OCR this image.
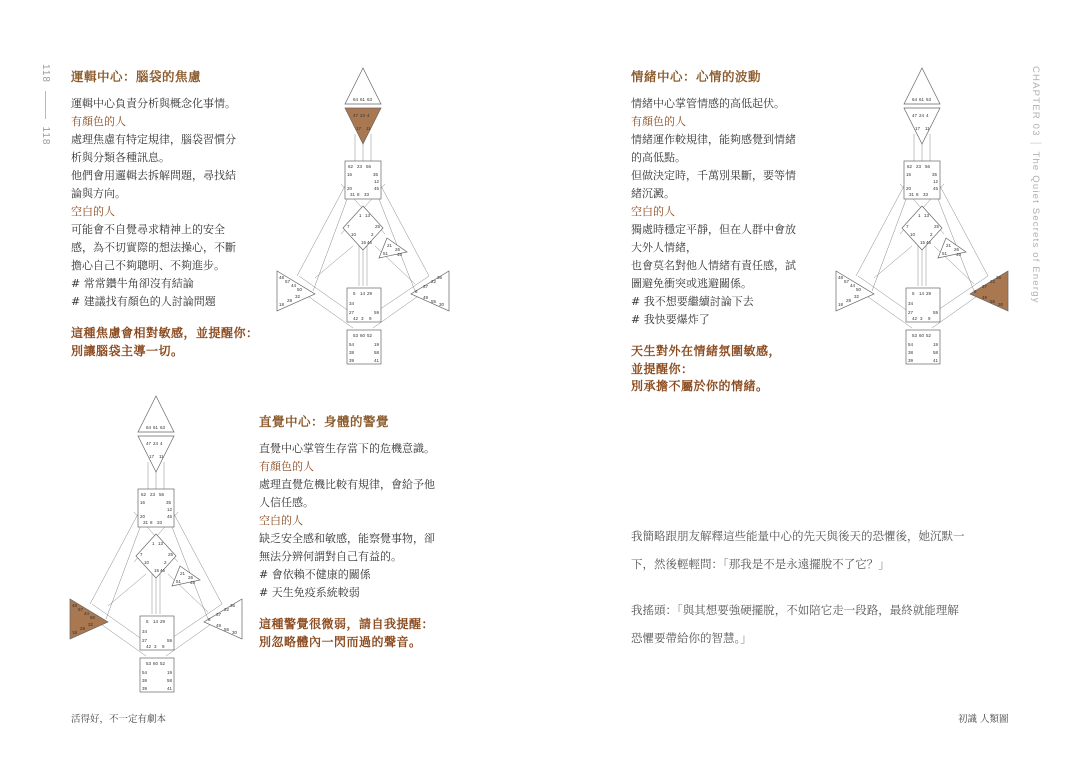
118  118	CHAPTER 03 │ The Quiet Secrets of Energy
運輯中心：腦袋的焦慮

運輯中心負責分析與概念化事情。

有顏色的人

處理焦慮有特定規律，腦袋習慣分

析與分類各種訊息。

他們會用邏輯去拆解問題，尋找結

論與方向。

空白的人

可能會不自覺尋求精神上的安全

感，為不切實際的想法操心，不斷

擔心自己不夠聰明、不夠進步。

# 常常鑽牛角卻沒有結論

# 建議找有顏色的人討論問題

這種焦慮會相對敏感，並提醒你：
別讓腦袋主導一切。
情緒中心：心情的波動

情緒中心掌管情感的高低起伏。

有顏色的人

情緒運作較規律，能夠感覺到情緒

的高低點。

但做決定時，千萬別果斷，要等情

緒沉澱。

空白的人

獨處時穩定平靜，但在人群中會放

大外人情緒，

也會莫名對他人情緒有責任感，試

圖避免衝突或逃避關係。

# 我不想要繼續討論下去

# 我快要爆炸了

天生對外在情緒氛圍敏感，
並提醒你：
別承擔不屬於你的情緒。
直覺中心：身體的警覺

直覺中心掌管生存當下的危機意識。

有顏色的人

處理直覺危機比較有規律，會給予他

人信任感。

空白的人

缺乏安全感和敏感，能察覺事物，卻

無法分辨何謂對自己有益的。

# 會依賴不健康的關係

# 天生免疫系統較弱

這種警覺很微弱，請自我提醒：
別忽略體內一閃而過的聲音。

我簡略跟朋友解釋這些能量中心的先天與後天的恐懼後，她沉默一

下，然後輕輕問：「那我是不是永遠擺脫不了它？」

我搖頭：「與其想要強硬擺脫，不如陪它走一段路，最終就能理解

恐懼要帶給你的智慧。」

64 61 63
47 24 4
17 11
62 23 56
16
20
35
12
45
31 8 33
1 13
7	25
10	2
15 46
21
26
51 40
48
57
44
50
32
28
18
36
22
37
6
49
55
30
5 14 29
34
27	59
42 3 9
53 60 52
54	19
38	58
39	41
64 61 63
47 24 4
17 11
62 23 56
16
20
35
12
45
31 8 33
1 13
7	25
10	2
15 46
21
26
51 40
48
57
44
50
32
28
18
36
22
37
6
49
55
30
5 14 29
34
27	59
42 3 9
53 60 52
54	19
38	58
39	41
64 61 63
47 24 4
17 11
62 23 56
16
20
35
12
45
31 8 33
1 13
7	25
10	2
15 46
21
26
51 40
48
57
44
50
32
28
18
36
22
37
6
49
55
30
5 14 29
34
27	59
42 3 9
53 60 52
54	19
38	58
39	41
活得好，不一定有劇本	初識 人類圖
